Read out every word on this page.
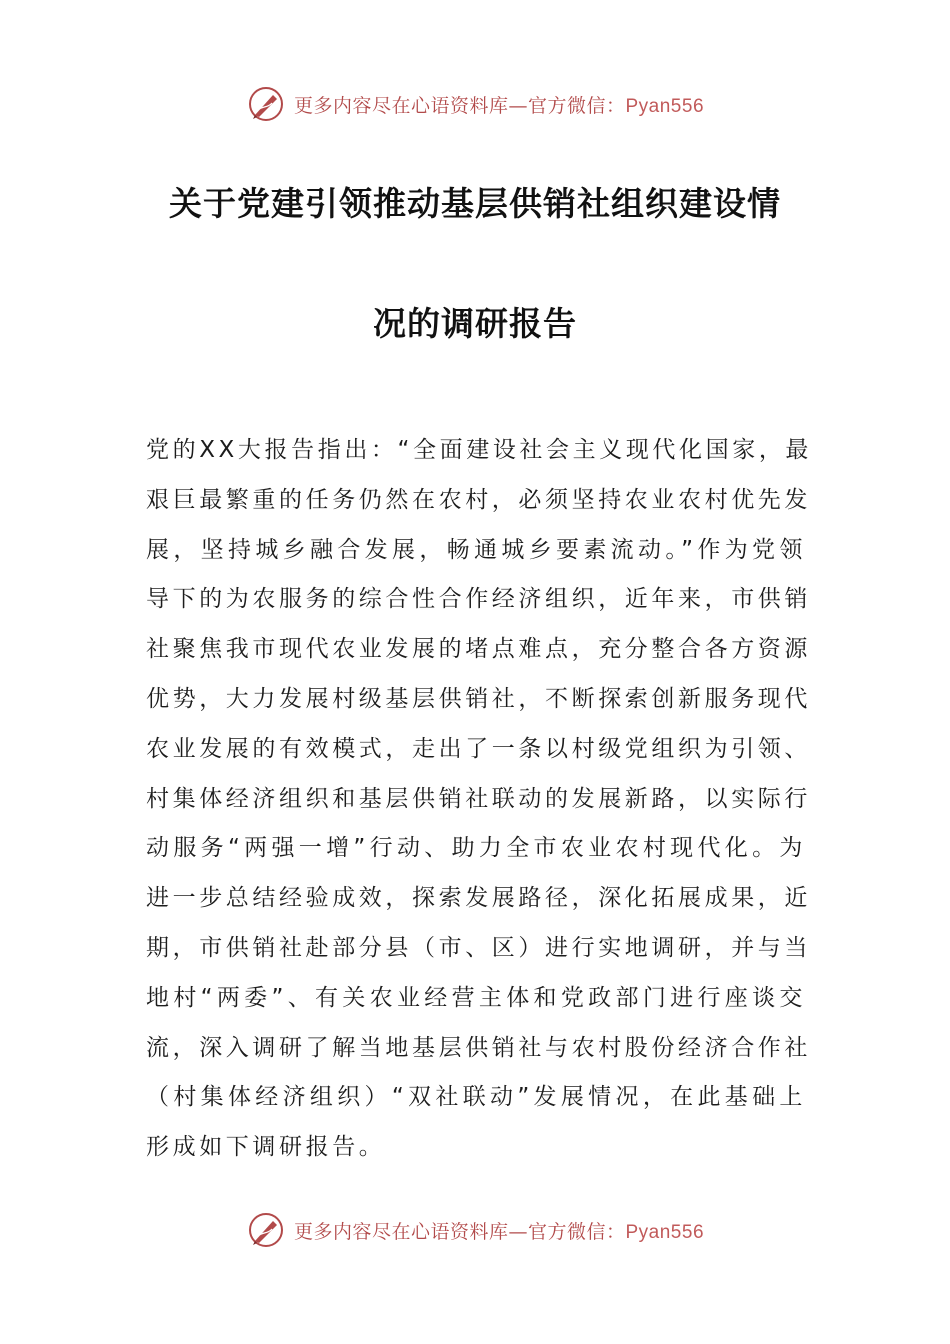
更多内容尽在心语资料库—官方微信：Pyan556
关于党建引领推动基层供销社组织建设情
况的调研报告
党的XX大报告指出：“全面建设社会主义现代化国家，最
艰巨最繁重的任务仍然在农村，必须坚持农业农村优先发
展，坚持城乡融合发展，畅通城乡要素流动。”作为党领
导下的为农服务的综合性合作经济组织，近年来，市供销
社聚焦我市现代农业发展的堵点难点，充分整合各方资源
优势，大力发展村级基层供销社，不断探索创新服务现代
农业发展的有效模式，走出了一条以村级党组织为引领、
村集体经济组织和基层供销社联动的发展新路，以实际行
动服务“两强一增”行动、助力全市农业农村现代化。为
进一步总结经验成效，探索发展路径，深化拓展成果，近
期，市供销社赴部分县（市、区）进行实地调研，并与当
地村“两委”、有关农业经营主体和党政部门进行座谈交
流，深入调研了解当地基层供销社与农村股份经济合作社
（村集体经济组织）“双社联动”发展情况，在此基础上
形成如下调研报告。
更多内容尽在心语资料库—官方微信：Pyan556
